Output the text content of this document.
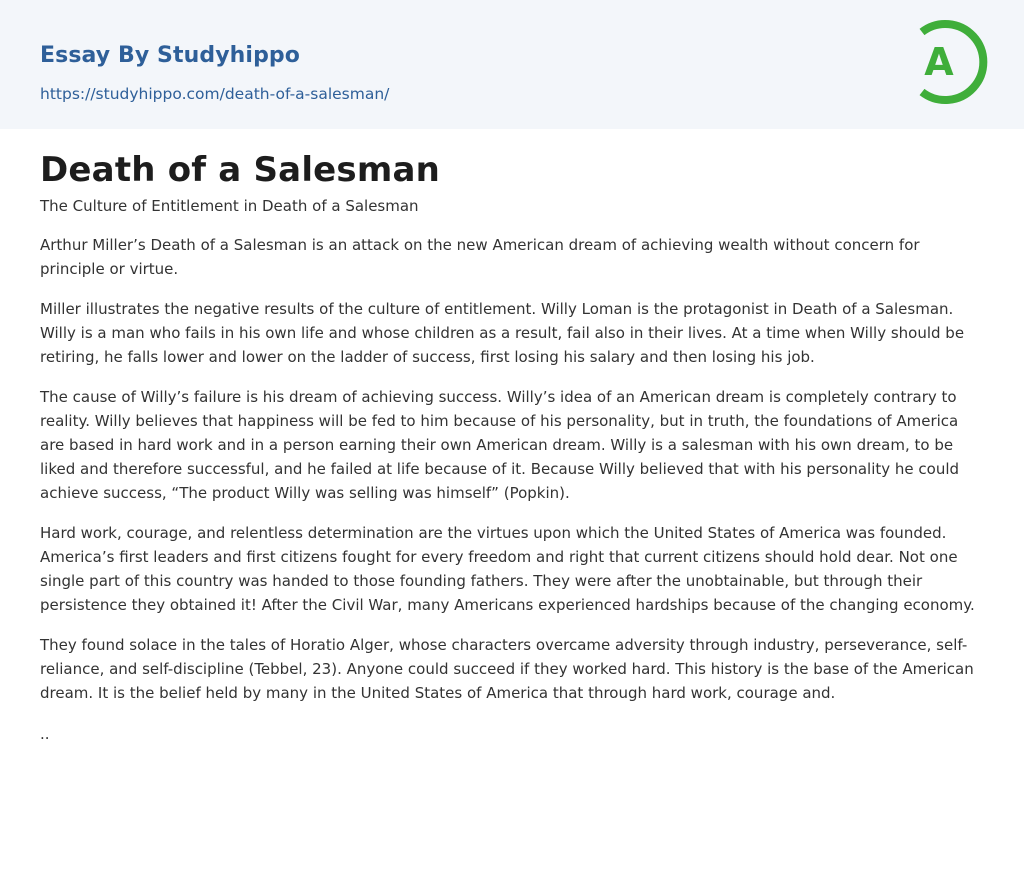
Essay By Studyhippo
https://studyhippo.com/death-of-a-salesman/
A
Death of a Salesman

The Culture of Entitlement in Death of a Salesman

Arthur Miller’s Death of a Salesman is an attack on the new American dream of achieving wealth without concern for principle or virtue.

Miller illustrates the negative results of the culture of entitlement. Willy Loman is the protagonist in Death of a Salesman. Willy is a man who fails in his own life and whose children as a result, fail also in their lives. At a time when Willy should be retiring, he falls lower and lower on the ladder of success, first losing his salary and then losing his job.

The cause of Willy’s failure is his dream of achieving success. Willy’s idea of an American dream is completely contrary to reality. Willy believes that happiness will be fed to him because of his personality, but in truth, the foundations of America are based in hard work and in a person earning their own American dream. Willy is a salesman with his own dream, to be liked and therefore successful, and he failed at life because of it. Because Willy believed that with his personality he could achieve success, “The product Willy was selling was himself” (Popkin).

Hard work, courage, and relentless determination are the virtues upon which the United States of America was founded. America’s first leaders and first citizens fought for every freedom and right that current citizens should hold dear. Not one single part of this country was handed to those founding fathers. They were after the unobtainable, but through their persistence they obtained it! After the Civil War, many Americans experienced hardships because of the changing economy.

They found solace in the tales of Horatio Alger, whose characters overcame adversity through industry, perseverance, self-reliance, and self-discipline (Tebbel, 23). Anyone could succeed if they worked hard. This history is the base of the American dream. It is the belief held by many in the United States of America that through hard work, courage and.

..
